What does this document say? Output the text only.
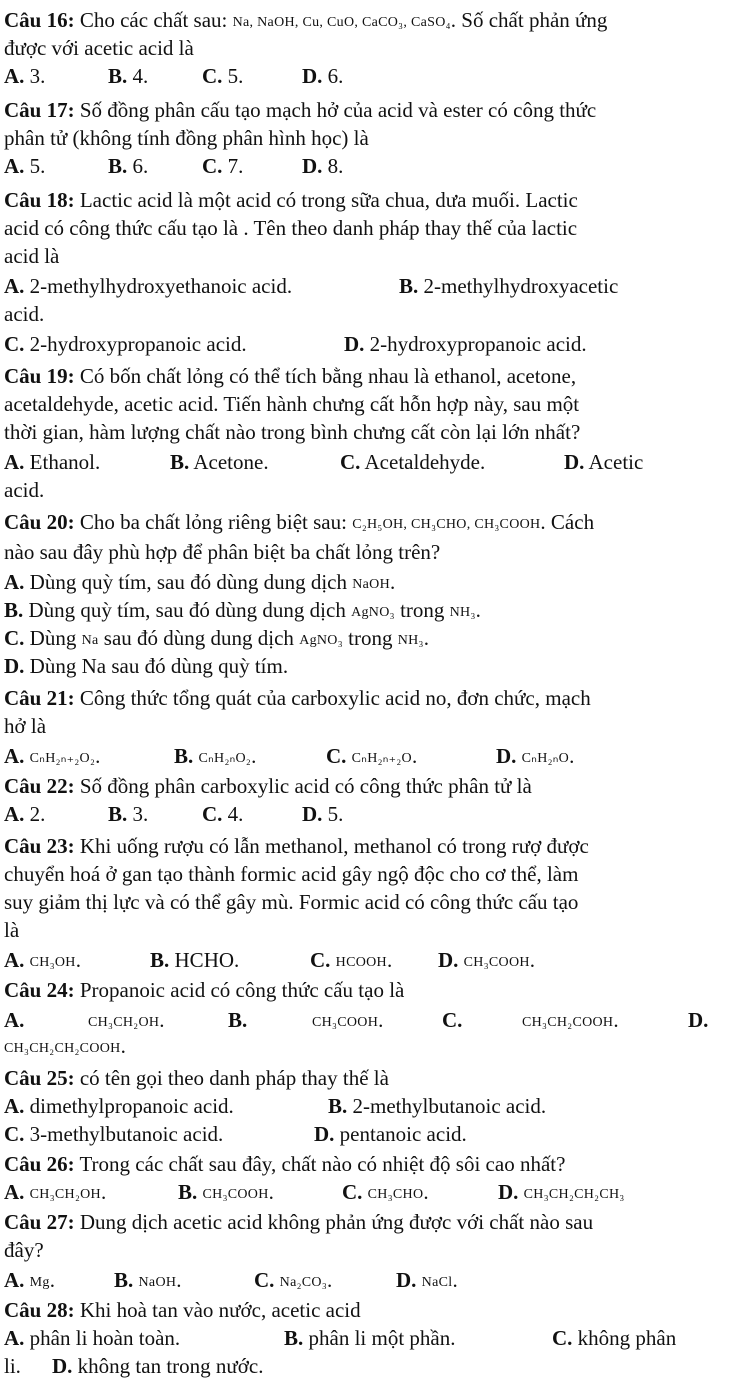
Câu 16: Cho các chất sau: Na, NaOH, Cu, CuO, CaCO₃, CaSO₄. Số chất phản ứng
được với acetic acid là
A. 3.	B. 4.	C. 5.	D. 6.
Câu 17: Số đồng phân cấu tạo mạch hở của acid và ester có công thức
phân tử (không tính đồng phân hình học) là
A. 5.	B. 6.	C. 7.	D. 8.
Câu 18: Lactic acid là một acid có trong sữa chua, dưa muối. Lactic
acid có công thức cấu tạo là . Tên theo danh pháp thay thế của lactic
acid là
A. 2-methylhydroxyethanoic acid.	B. 2-methylhydroxyacetic
acid.
C. 2-hydroxypropanoic acid.	D. 2-hydroxypropanoic acid.
Câu 19: Có bốn chất lỏng có thể tích bằng nhau là ethanol, acetone,
acetaldehyde, acetic acid. Tiến hành chưng cất hỗn hợp này, sau một
thời gian, hàm lượng chất nào trong bình chưng cất còn lại lớn nhất?
A. Ethanol.	B. Acetone.	C. Acetaldehyde.	D. Acetic
acid.
Câu 20: Cho ba chất lỏng riêng biệt sau: C₂H₅OH, CH₃CHO, CH₃COOH. Cách
nào sau đây phù hợp để phân biệt ba chất lỏng trên?
A. Dùng quỳ tím, sau đó dùng dung dịch NaOH.
B. Dùng quỳ tím, sau đó dùng dung dịch AgNO₃ trong NH₃.
C. Dùng Na sau đó dùng dung dịch AgNO₃ trong NH₃.
D. Dùng Na sau đó dùng quỳ tím.
Câu 21: Công thức tổng quát của carboxylic acid no, đơn chức, mạch
hở là
A. CₙH₂ₙ₊₂O₂.	B. CₙH₂ₙO₂.	C. CₙH₂ₙ₊₂O.	D. CₙH₂ₙO.
Câu 22: Số đồng phân carboxylic acid có công thức phân tử là
A. 2.	B. 3.	C. 4.	D. 5.
Câu 23: Khi uống rượu có lẫn methanol, methanol có trong rượ được
chuyển hoá ở gan tạo thành formic acid gây ngộ độc cho cơ thể, làm
suy giảm thị lực và có thể gây mù. Formic acid có công thức cấu tạo
là
A. CH₃OH.	B. HCHO.	C. HCOOH. D. CH₃COOH.
Câu 24: Propanoic acid có công thức cấu tạo là
A.	CH₃CH₂OH.	B.	CH₃COOH.	C.	CH₃CH₂COOH.	D.
CH₃CH₂CH₂COOH.
Câu 25: có tên gọi theo danh pháp thay thế là
A. dimethylpropanoic acid.	B. 2-methylbutanoic acid.
C. 3-methylbutanoic acid.	D. pentanoic acid.
Câu 26: Trong các chất sau đây, chất nào có nhiệt độ sôi cao nhất?
A. CH₃CH₂OH.	B. CH₃COOH.	C. CH₃CHO.	D. CH₃CH₂CH₂CH₃
Câu 27: Dung dịch acetic acid không phản ứng được với chất nào sau
đây?
A. Mg.	B. NaOH.	C. Na₂CO₃.	D. NaCl.
Câu 28: Khi hoà tan vào nước, acetic acid
A. phân li hoàn toàn.	B. phân li một phần.	C. không phân
li. D. không tan trong nước.
